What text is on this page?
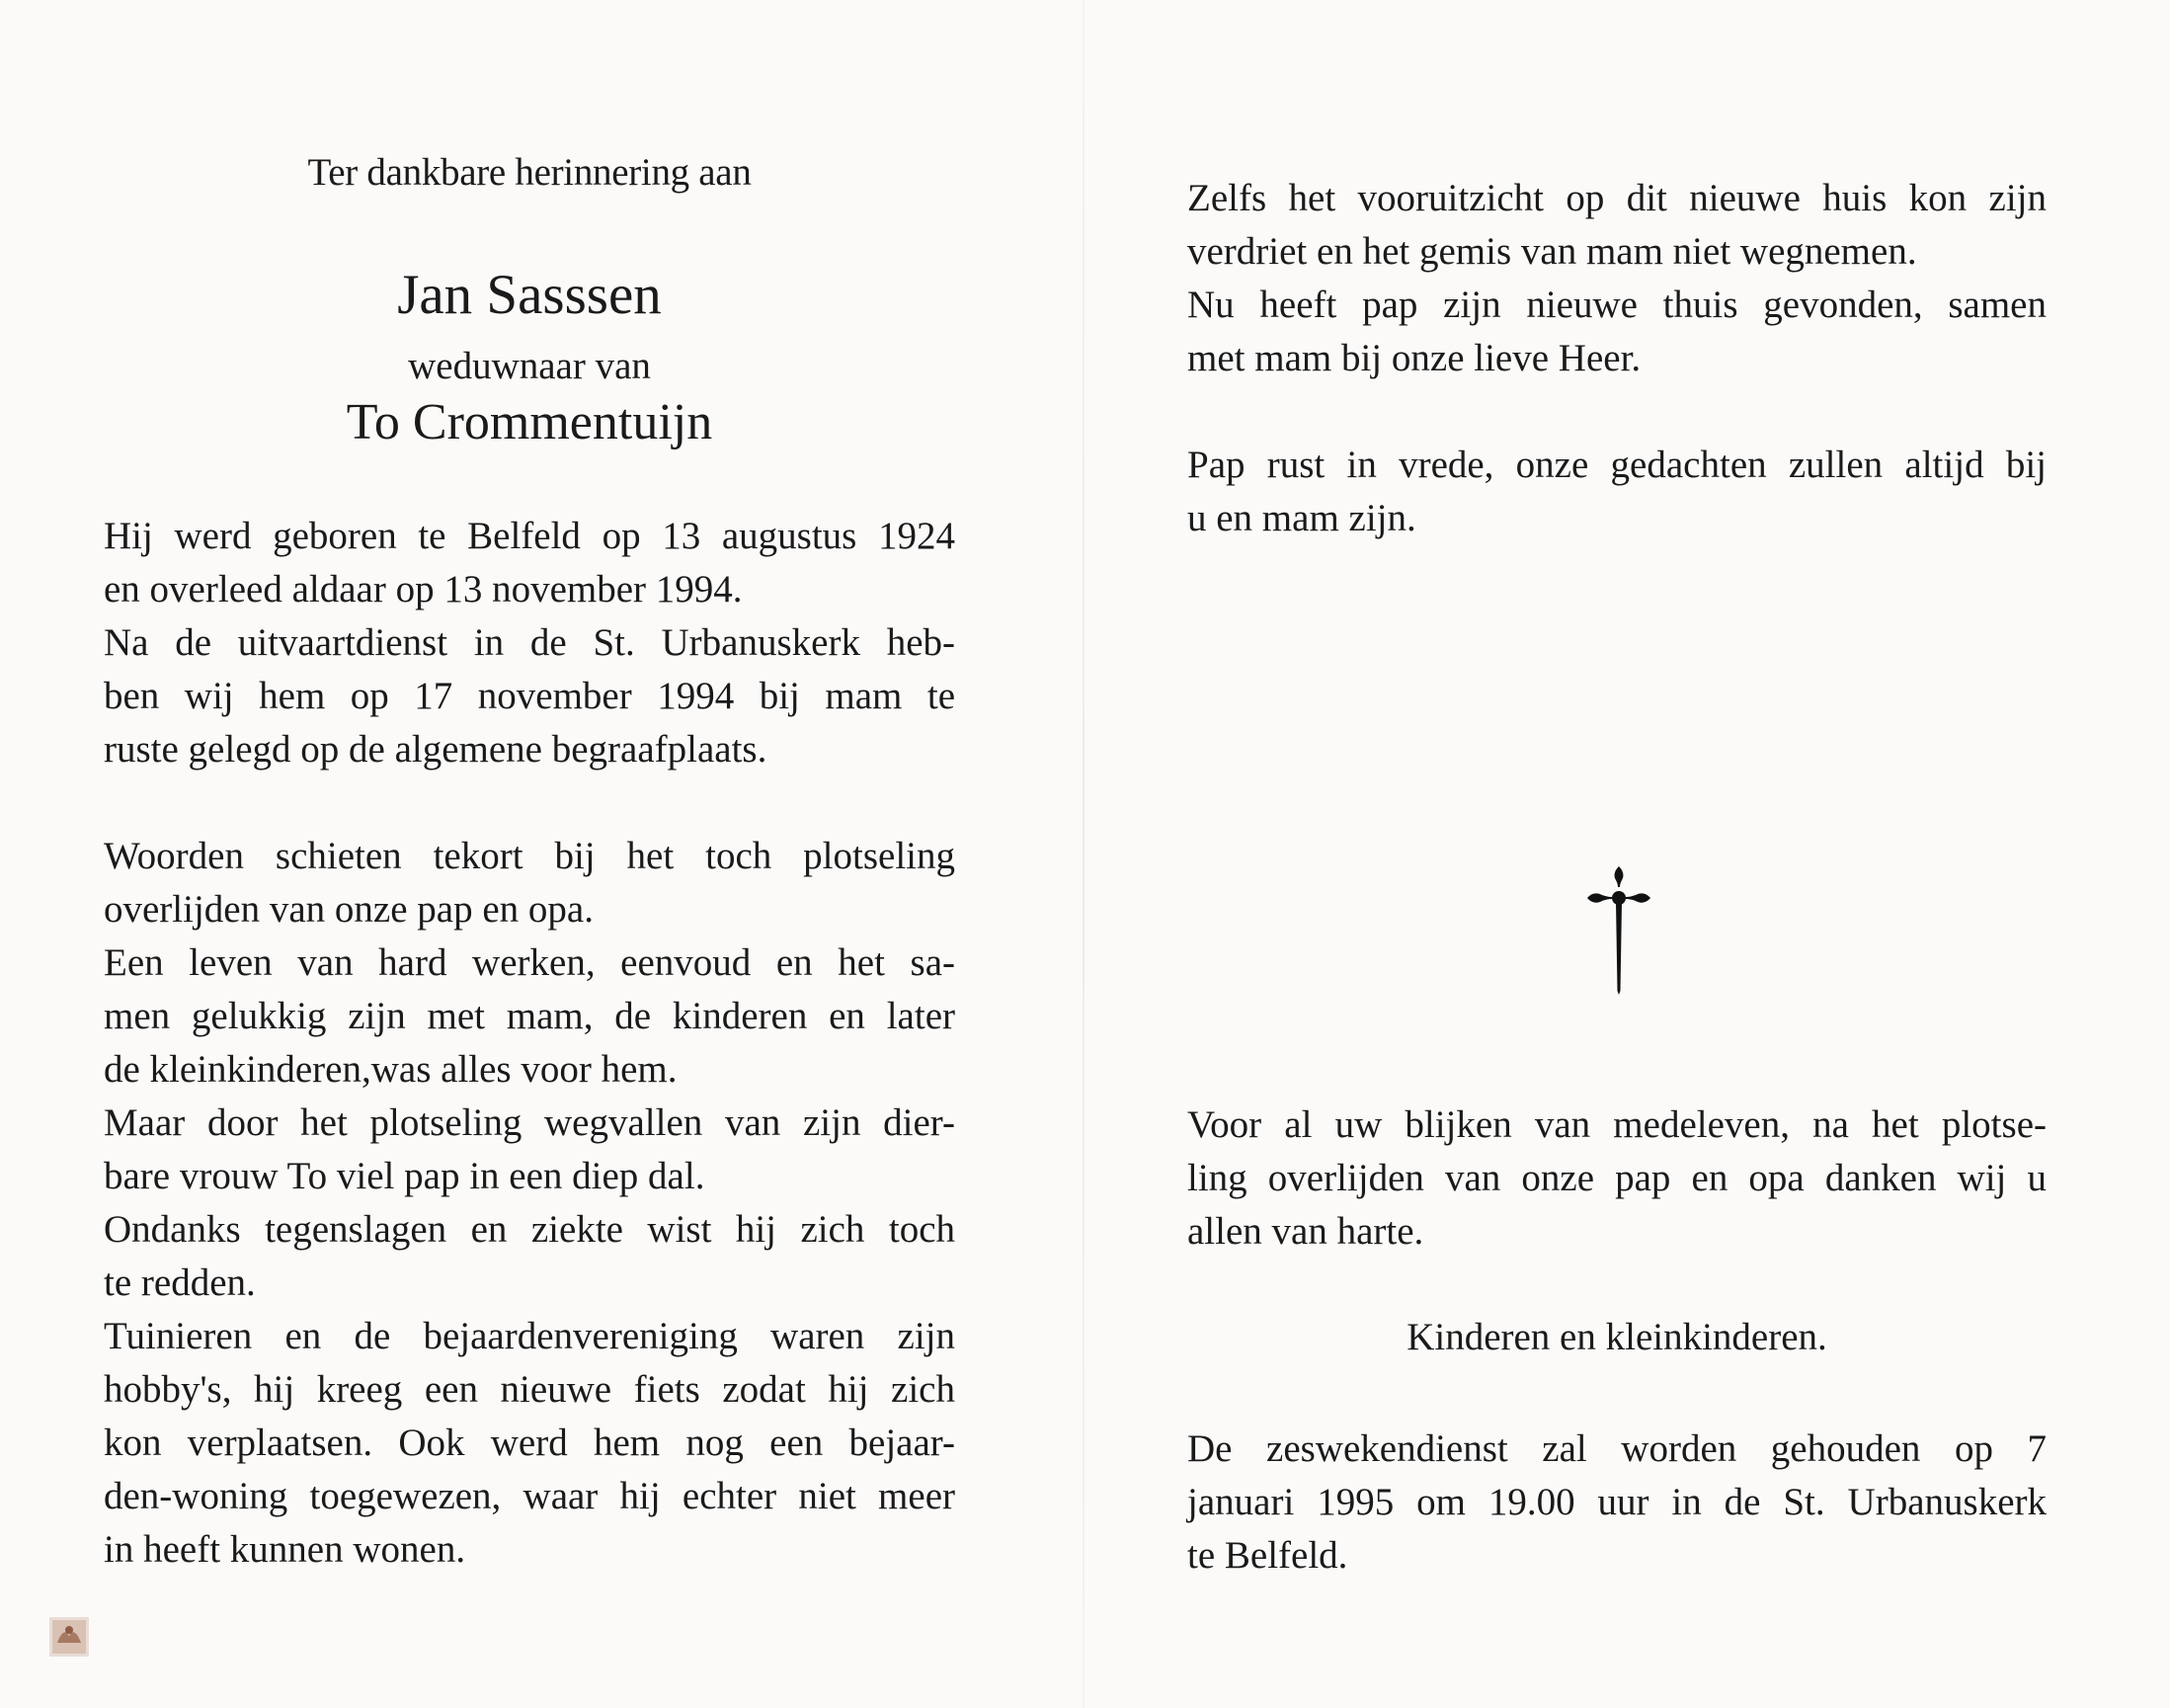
Ter dankbare herinnering aan
Jan Sasssen
weduwnaar van
To Crommentuijn
Hij werd geboren te Belfeld op 13 augustus 1924
en overleed aldaar op 13 november 1994.
Na de uitvaartdienst in de St. Urbanuskerk heb-
ben wij hem op 17 november 1994 bij mam te
ruste gelegd op de algemene begraafplaats.
Woorden schieten tekort bij het toch plotseling
overlijden van onze pap en opa.
Een leven van hard werken, eenvoud en het sa-
men gelukkig zijn met mam, de kinderen en later
de kleinkinderen,was alles voor hem.
Maar door het plotseling wegvallen van zijn dier-
bare vrouw To viel pap in een diep dal.
Ondanks tegenslagen en ziekte wist hij zich toch
te redden.
Tuinieren en de bejaardenvereniging waren zijn
hobby's, hij kreeg een nieuwe fiets zodat hij zich
kon verplaatsen. Ook werd hem nog een bejaar-
den-woning toegewezen, waar hij echter niet meer
in heeft kunnen wonen.
Zelfs het vooruitzicht op dit nieuwe huis kon zijn
verdriet en het gemis van mam niet wegnemen.
Nu heeft pap zijn nieuwe thuis gevonden, samen
met mam bij onze lieve Heer.
Pap rust in vrede, onze gedachten zullen altijd bij
u en mam zijn.
Voor al uw blijken van medeleven, na het plotse-
ling overlijden van onze pap en opa danken wij u
allen van harte.
Kinderen en kleinkinderen.
De zeswekendienst zal worden gehouden op 7
januari 1995 om 19.00 uur in de St. Urbanuskerk
te Belfeld.
